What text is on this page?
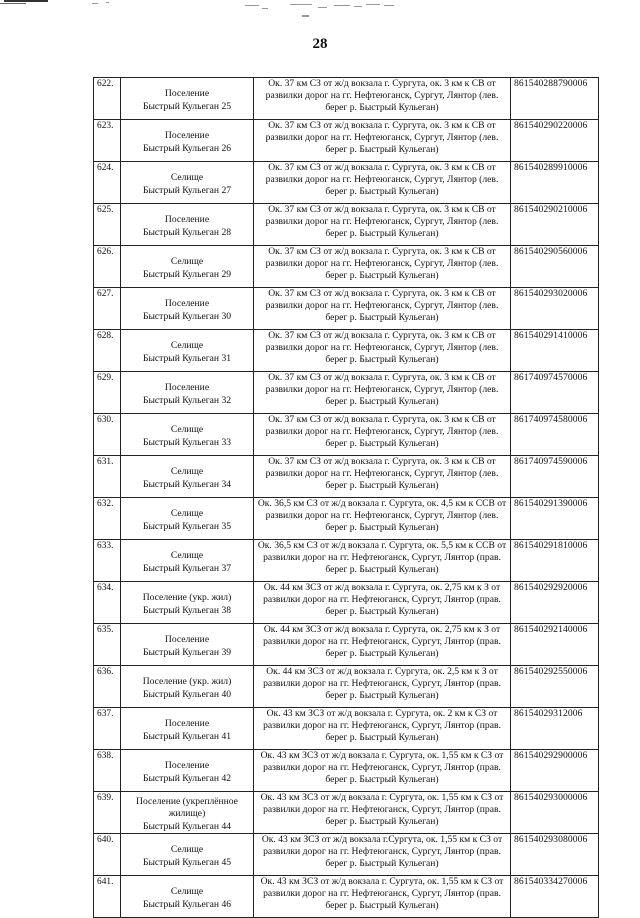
28
622.	Поселение
Быстрый Кульеган 25	Ок. 37 км СЗ от ж/д вокзала г. Сургута, ок. 3 км к СВ от развилки дорог на гг. Нефтеюганск, Сургут, Лянтор (лев. берег р. Быстрый Кульеган)	861540288790006
623.	Поселение
Быстрый Кульеган 26	Ок. 37 км СЗ от ж/д вокзала г. Сургута, ок. 3 км к СВ от развилки дорог на гг. Нефтеюганск, Сургут, Лянтор (лев. берег р. Быстрый Кульеган)	861540290220006
624.	Селище
Быстрый Кульеган 27	Ок. 37 км СЗ от ж/д вокзала г. Сургута, ок. 3 км к СВ от развилки дорог на гг. Нефтеюганск, Сургут, Лянтор (лев. берег р. Быстрый Кульеган)	861540289910006
625.	Поселение
Быстрый Кульеган 28	Ок. 37 км СЗ от ж/д вокзала г. Сургута, ок. 3 км к СВ от развилки дорог на гг. Нефтеюганск, Сургут, Лянтор (лев. берег р. Быстрый Кульеган)	861540290210006
626.	Селище
Быстрый Кульеган 29	Ок. 37 км СЗ от ж/д вокзала г. Сургута, ок. 3 км к СВ от развилки дорог на гг. Нефтеюганск, Сургут, Лянтор (лев. берег р. Быстрый Кульеган)	861540290560006
627.	Поселение
Быстрый Кульеган 30	Ок. 37 км СЗ от ж/д вокзала г. Сургута, ок. 3 км к СВ от развилки дорог на гг. Нефтеюганск, Сургут, Лянтор (лев. берег р. Быстрый Кульеган)	861540293020006
628.	Селище
Быстрый Кульеган 31	Ок. 37 км СЗ от ж/д вокзала г. Сургута, ок. 3 км к СВ от развилки дорог на гг. Нефтеюганск, Сургут, Лянтор (лев. берег р. Быстрый Кульеган)	861540291410006
629.	Поселение
Быстрый Кульеган 32	Ок. 37 км СЗ от ж/д вокзала г. Сургута, ок. 3 км к СВ от развилки дорог на гг. Нефтеюганск, Сургут, Лянтор (лев. берег р. Быстрый Кульеган)	861740974570006
630.	Селище
Быстрый Кульеган 33	Ок. 37 км СЗ от ж/д вокзала г. Сургута, ок. 3 км к СВ от развилки дорог на гг. Нефтеюганск, Сургут, Лянтор (лев. берег р. Быстрый Кульеган)	861740974580006
631.	Селище
Быстрый Кульеган 34	Ок. 37 км СЗ от ж/д вокзала г. Сургута, ок. 3 км к СВ от развилки дорог на гг. Нефтеюганск, Сургут, Лянтор (лев. берег р. Быстрый Кульеган)	861740974590006
632.	Селище
Быстрый Кульеган 35	Ок. 36,5 км СЗ от ж/д вокзала г. Сургута, ок. 4,5 км к ССВ от развилки дорог на гг. Нефтеюганск, Сургут, Лянтор (лев. берег р. Быстрый Кульеган)	861540291390006
633.	Селище
Быстрый Кульеган 37	Ок. 36,5 км СЗ от ж/д вокзала г. Сургута, ок. 5,5 км к ССВ от развилки дорог на гг. Нефтеюганск, Сургут, Лянтор (прав. берег р. Быстрый Кульеган)	861540291810006
634.	Поселение (укр. жил)
Быстрый Кульеган 38	Ок. 44 км ЗСЗ от ж/д вокзала г. Сургута, ок. 2,75 км к З от развилки дорог на гг. Нефтеюганск, Сургут, Лянтор (прав. берег р. Быстрый Кульеган)	861540292920006
635.	Поселение
Быстрый Кульеган 39	Ок. 44 км ЗСЗ от ж/д вокзала г. Сургута, ок. 2,75 км к З от развилки дорог на гг. Нефтеюганск, Сургут, Лянтор (прав. берег р. Быстрый Кульеган)	861540292140006
636.	Поселение (укр. жил)
Быстрый Кульеган 40	Ок. 44 км ЗСЗ от ж/д вокзала г. Сургута, ок. 2,5 км к З от развилки дорог на гг. Нефтеюганск, Сургут, Лянтор (прав. берег р. Быстрый Кульеган)	861540292550006
637.	Поселение
Быстрый Кульеган 41	Ок. 43 км ЗСЗ от ж/д вокзала г. Сургута, ок. 2 км к СЗ от развилки дорог на гг. Нефтеюганск, Сургут, Лянтор (прав. берег р. Быстрый Кульеган)	86154029312006
638.	Поселение
Быстрый Кульеган 42	Ок. 43 км ЗСЗ от ж/д вокзала г. Сургута, ок. 1,55 км к СЗ от развилки дорог на гг. Нефтеюганск, Сургут, Лянтор (прав. берег р. Быстрый Кульеган)	861540292900006
639.	Поселение (укреплённое жилище)
Быстрый Кульеган 44	Ок. 43 км ЗСЗ от ж/д вокзала г. Сургута, ок. 1,55 км к СЗ от развилки дорог на гг. Нефтеюганск, Сургут, Лянтор (прав. берег р. Быстрый Кульеган)	861540293000006
640.	Селище
Быстрый Кульеган 45	Ок. 43 км ЗСЗ от ж/д вокзала г.Сургута, ок. 1,55 км к СЗ от развилки дорог на гг. Нефтеюганск, Сургут, Лянтор (прав. берег р. Быстрый Кульеган)	861540293080006
641.	Селище
Быстрый Кульеган 46	Ок. 43 км ЗСЗ от ж/д вокзала г. Сургута, ок. 1,55 км к СЗ от развилки дорог на гг. Нефтеюганск, Сургут, Лянтор (прав. берег р. Быстрый Кульеган)	861540334270006
